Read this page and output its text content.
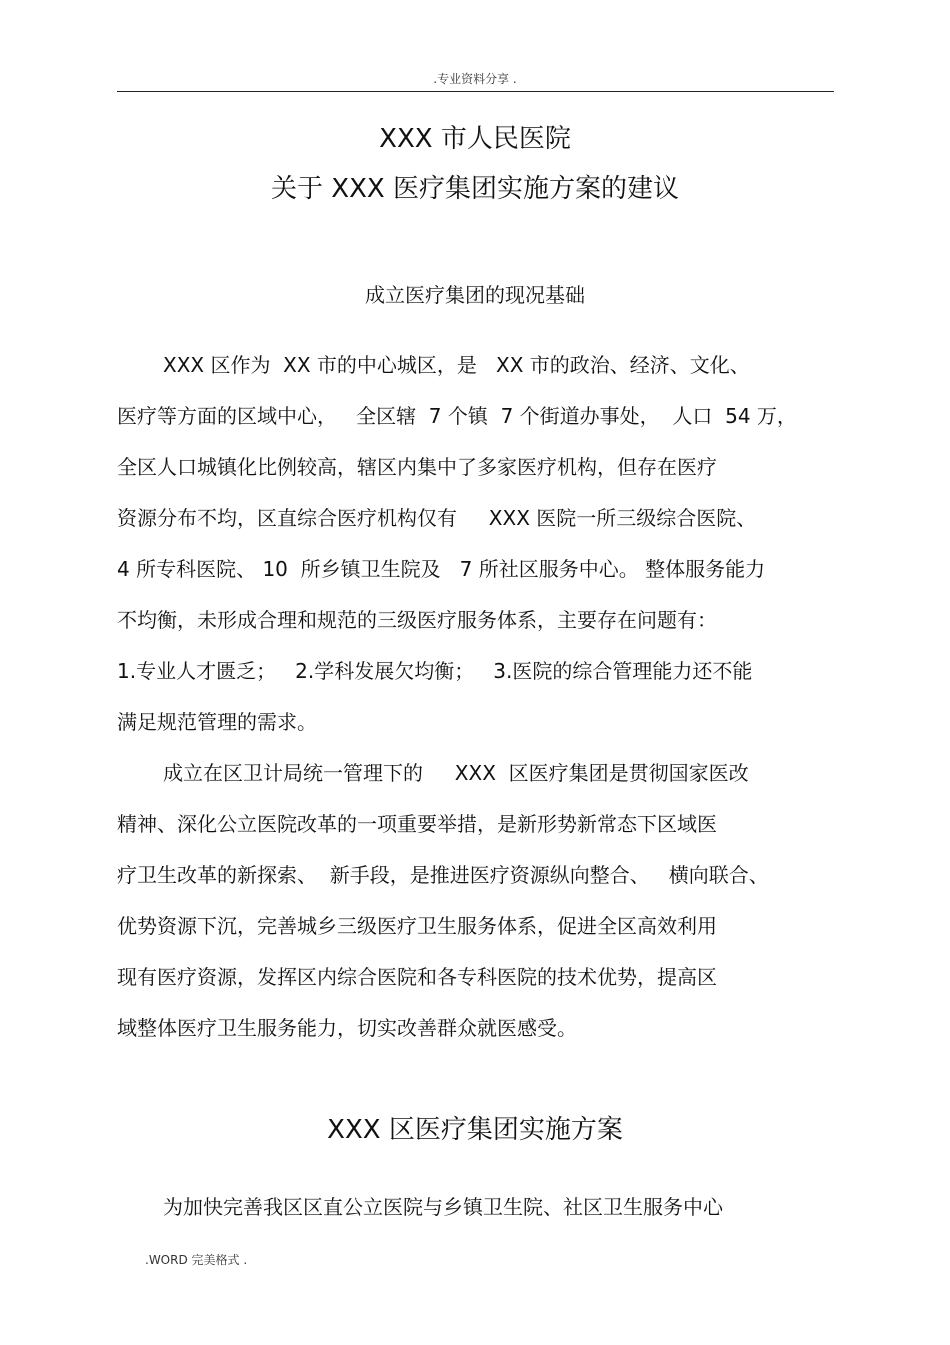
.专业资料分享 .
XXX 市人民医院
关于 XXX 医疗集团实施方案的建议
成立医疗集团的现况基础
XXX 区作为  XX 市的中心城区，是   XX 市的政治、经济、文化、
医疗等方面的区域中心，   全区辖  7 个镇  7 个街道办事处，  人口  54 万，
全区人口城镇化比例较高，辖区内集中了多家医疗机构，但存在医疗
资源分布不均，区直综合医疗机构仅有     XXX 医院一所三级综合医院、
4 所专科医院、 10  所乡镇卫生院及   7 所社区服务中心。 整体服务能力
不均衡，未形成合理和规范的三级医疗服务体系，主要存在问题有：
1.专业人才匮乏；   2.学科发展欠均衡；   3.医院的综合管理能力还不能
满足规范管理的需求。
成立在区卫计局统一管理下的     XXX  区医疗集团是贯彻国家医改
精神、深化公立医院改革的一项重要举措，是新形势新常态下区域医
疗卫生改革的新探索、  新手段，是推进医疗资源纵向整合、   横向联合、
优势资源下沉，完善城乡三级医疗卫生服务体系，促进全区高效利用
现有医疗资源，发挥区内综合医院和各专科医院的技术优势，提高区
域整体医疗卫生服务能力，切实改善群众就医感受。
XXX 区医疗集团实施方案
为加快完善我区区直公立医院与乡镇卫生院、社区卫生服务中心
.WORD 完美格式 .
